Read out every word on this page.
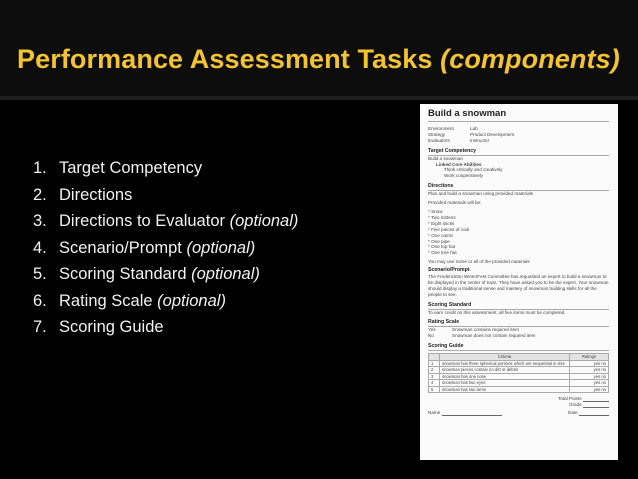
Performance Assessment Tasks (components)
1. Target Competency
2. Directions
3. Directions to Evaluator (optional)
4. Scenario/Prompt (optional)
5. Scoring Standard (optional)
6. Rating Scale (optional)
7. Scoring Guide
Build a snowman
Environment	Lab
Strategy	Product Development
Evaluators	Instructor
Target Competency
Build a snowman
Linked Core Abilities
Think critically and creatively
Work cooperatively
Directions
Plan and build a snowman using provided materials
Provided materials will be:
* Snow
* Two mittens
* Eight sticks
* Five pieces of coal
* One carrot
* One pipe
* One top hat
* One tree hat
You may use some or all of the provided materials
Scenario/Prompt
The Frederickton WinterFest Committee has requested an expert to build a snowman to be displayed in the center of town. They have asked you to be the expert. Your snowman should display a traditional sense and mastery of snowman building skills for all the people to see.
Scoring Standard
To earn credit on this assessment, all five items must be completed.
Rating Scale
Yes	Snowman contains required item
No	Snowman does not contain required item
Scoring Guide
	Criteria	Ratings
1	snowman has three spherical portions which are sequential in size	yes no
2	snowman pieces contain no dirt or debris	yes no
3	snowman has one nose	yes no
4	snowman has two eyes	yes no
5	snowman has two arms	yes no
Total Points
Grade
Name	Date
